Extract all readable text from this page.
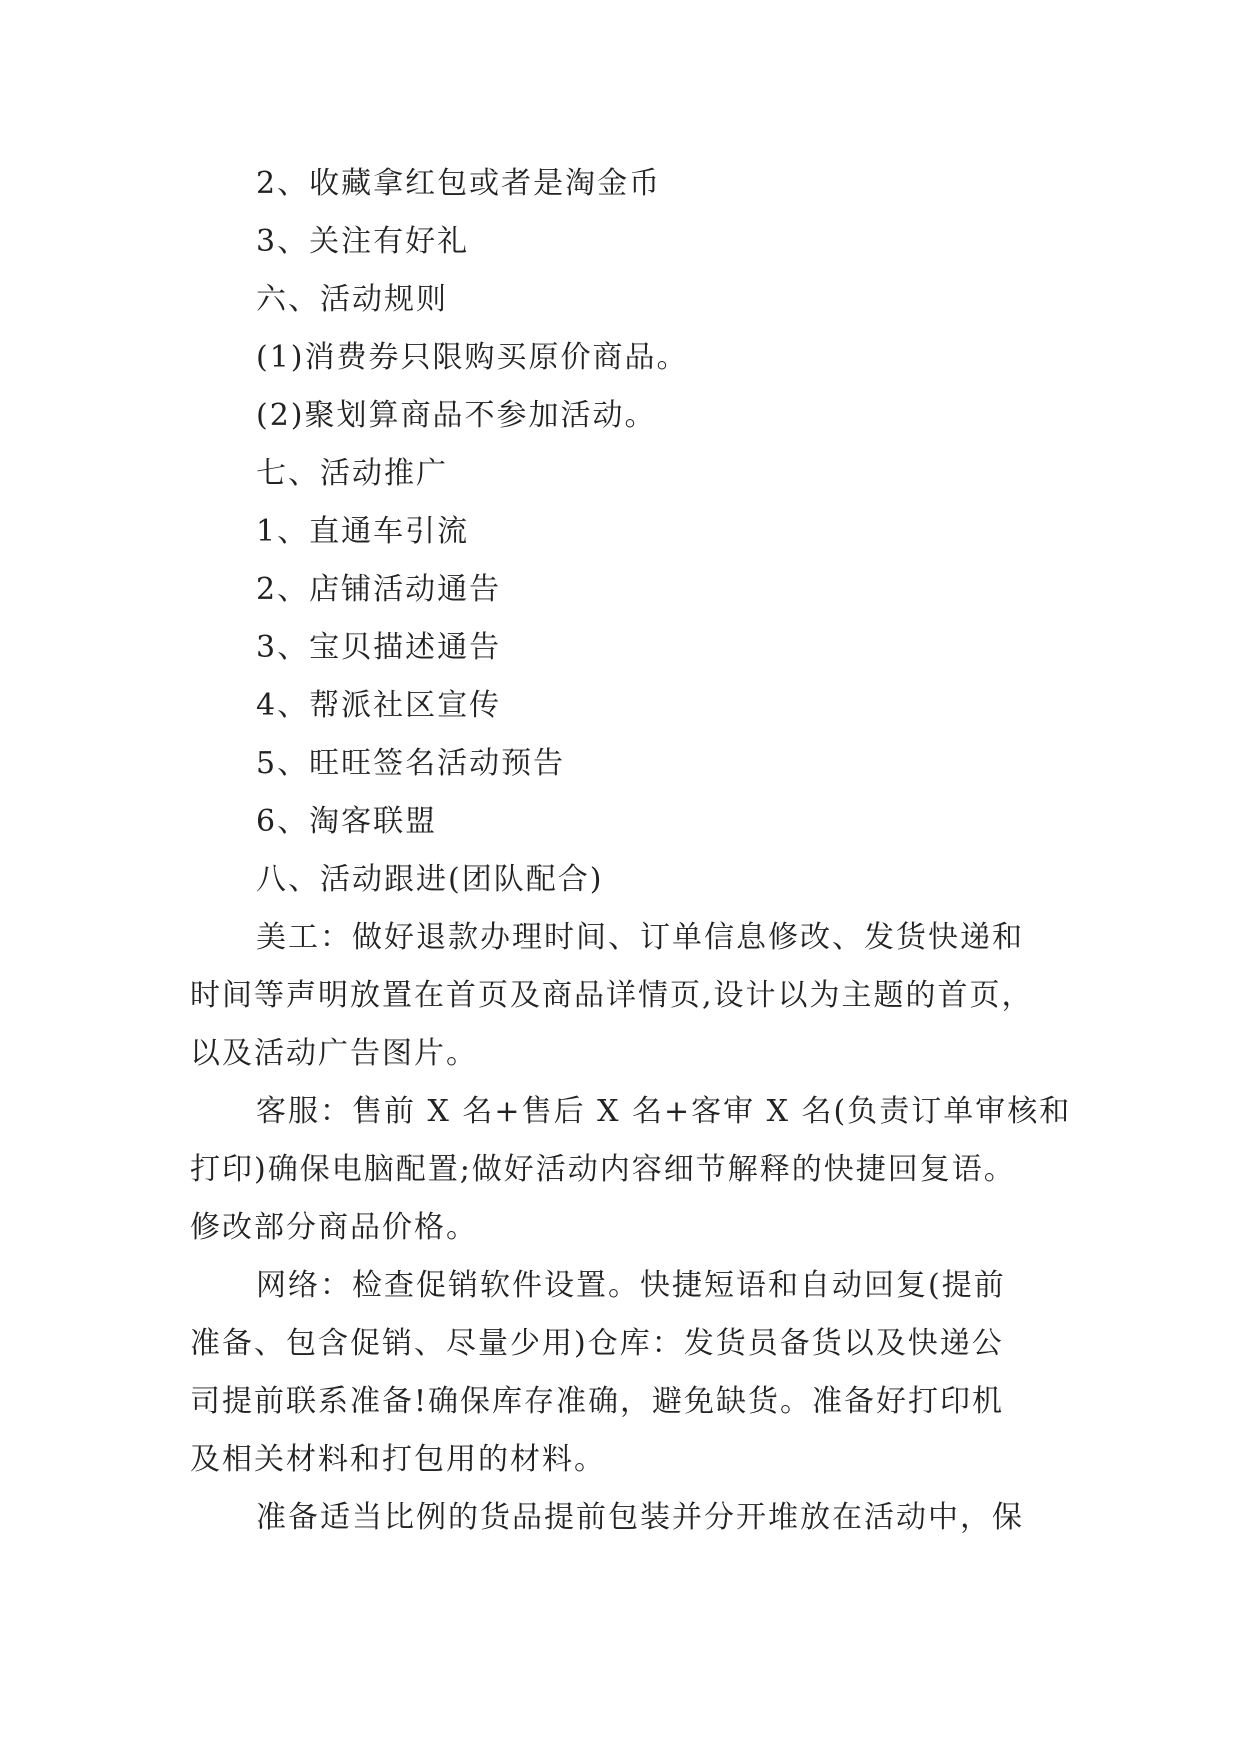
2、收藏拿红包或者是淘金币

3、关注有好礼

六、活动规则

(1)消费券只限购买原价商品。

(2)聚划算商品不参加活动。

七、活动推广

1、直通车引流

2、店铺活动通告

3、宝贝描述通告

4、帮派社区宣传

5、旺旺签名活动预告

6、淘客联盟

八、活动跟进(团队配合)

美工：做好退款办理时间、订单信息修改、发货快递和

时间等声明放置在首页及商品详情页,设计以为主题的首页，

以及活动广告图片。

客服：售前 X 名+售后 X 名+客审 X 名(负责订单审核和

打印)确保电脑配置;做好活动内容细节解释的快捷回复语。

修改部分商品价格。

网络：检查促销软件设置。快捷短语和自动回复(提前

准备、包含促销、尽量少用)仓库：发货员备货以及快递公

司提前联系准备!确保库存准确，避免缺货。准备好打印机

及相关材料和打包用的材料。

准备适当比例的货品提前包装并分开堆放在活动中，保
